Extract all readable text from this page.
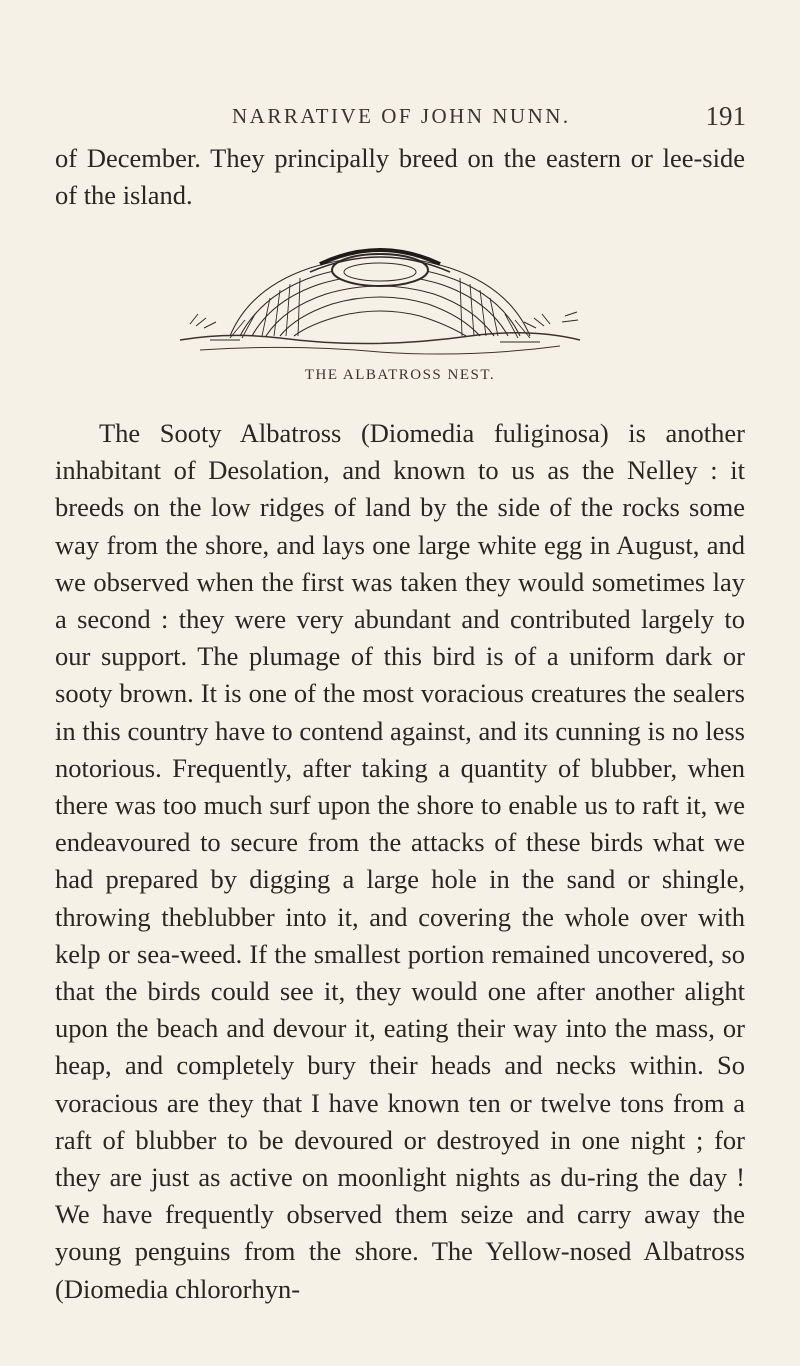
NARRATIVE OF JOHN NUNN.	191

of December. They principally breed on the eastern or lee-side of the island.

THE ALBATROSS NEST.

The Sooty Albatross (Diomedia fuliginosa) is another inhabitant of Desolation, and known to us as the Nelley : it breeds on the low ridges of land by the side of the rocks some way from the shore, and lays one large white egg in August, and we observed when the first was taken they would sometimes lay a second : they were very abundant and contributed largely to our support. The plumage of this bird is of a uniform dark or sooty brown. It is one of the most voracious creatures the sealers in this country have to contend against, and its cunning is no less notorious. Frequently, after taking a quantity of blubber, when there was too much surf upon the shore to enable us to raft it, we endeavoured to secure from the attacks of these birds what we had prepared by digging a large hole in the sand or shingle, throwing theblubber into it, and covering the whole over with kelp or sea-weed. If the smallest portion remained uncovered, so that the birds could see it, they would one after another alight upon the beach and devour it, eating their way into the mass, or heap, and completely bury their heads and necks within. So voracious are they that I have known ten or twelve tons from a raft of blubber to be devoured or destroyed in one night ; for they are just as active on moonlight nights as du-ring the day ! We have frequently observed them seize and carry away the young penguins from the shore. The Yellow-nosed Albatross (Diomedia chlororhyn-
